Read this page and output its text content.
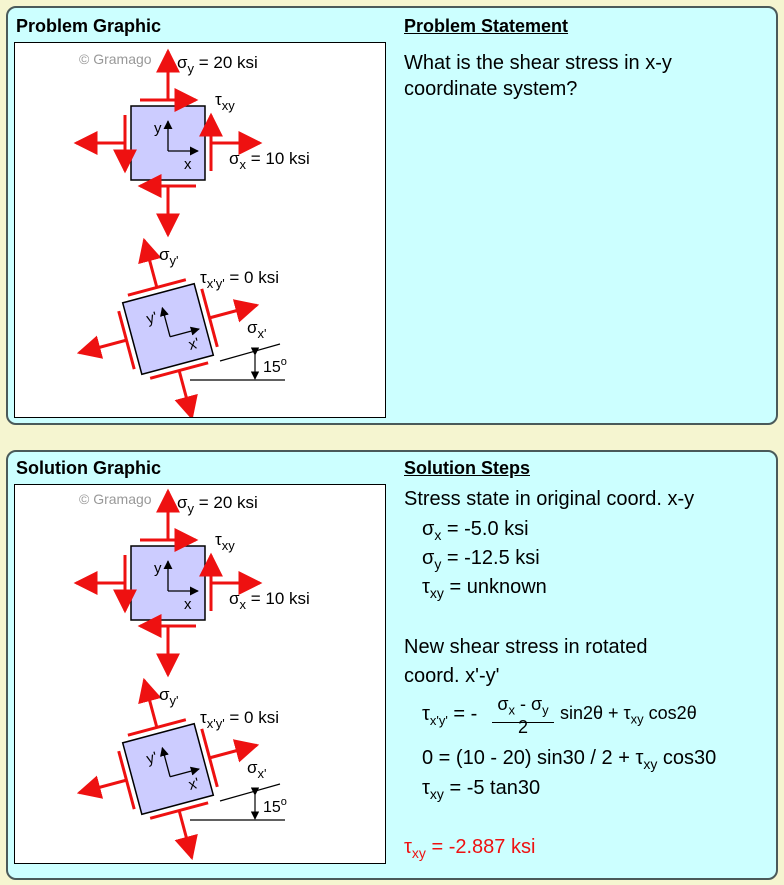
Problem Graphic	Problem Statement
What is the shear stress in x-y coordinate system?
© Gramago
x
y
$\sigma_y = 20$ ksi
$\tau_{xy}$
$\sigma_x = 10$ ksi
x'
y'
$\sigma_{y'}$
$\tau_{x'y'} = 0$ ksi
$\sigma_{x'}$
15$^o$
Solution Graphic	Solution Steps
© Gramago
x
y
$\sigma_y = 20$ ksi
$\tau_{xy}$
$\sigma_x = 10$ ksi
x'
y'
$\sigma_{y'}$
$\tau_{x'y'} = 0$ ksi
$\sigma_{x'}$
15$^o$
Stress state in original coord. x-y
$\sigma_x = -5.0$ ksi
$\sigma_y = -12.5$ ksi
$\tau_{xy}$ = unknown
New shear stress in rotated
coord. x'-y'
$\tau_{x'y'}$ = - $\sigma_x - \sigma_y$
2
$\sin 2\theta + \tau_{xy}$ cos2θ
0 = (10 - 20) $\sin 30 / 2 + \tau_{xy}$ cos30
$\tau_{xy} = -5$ tan30
$\tau_{xy} = -2.887$ ksi
